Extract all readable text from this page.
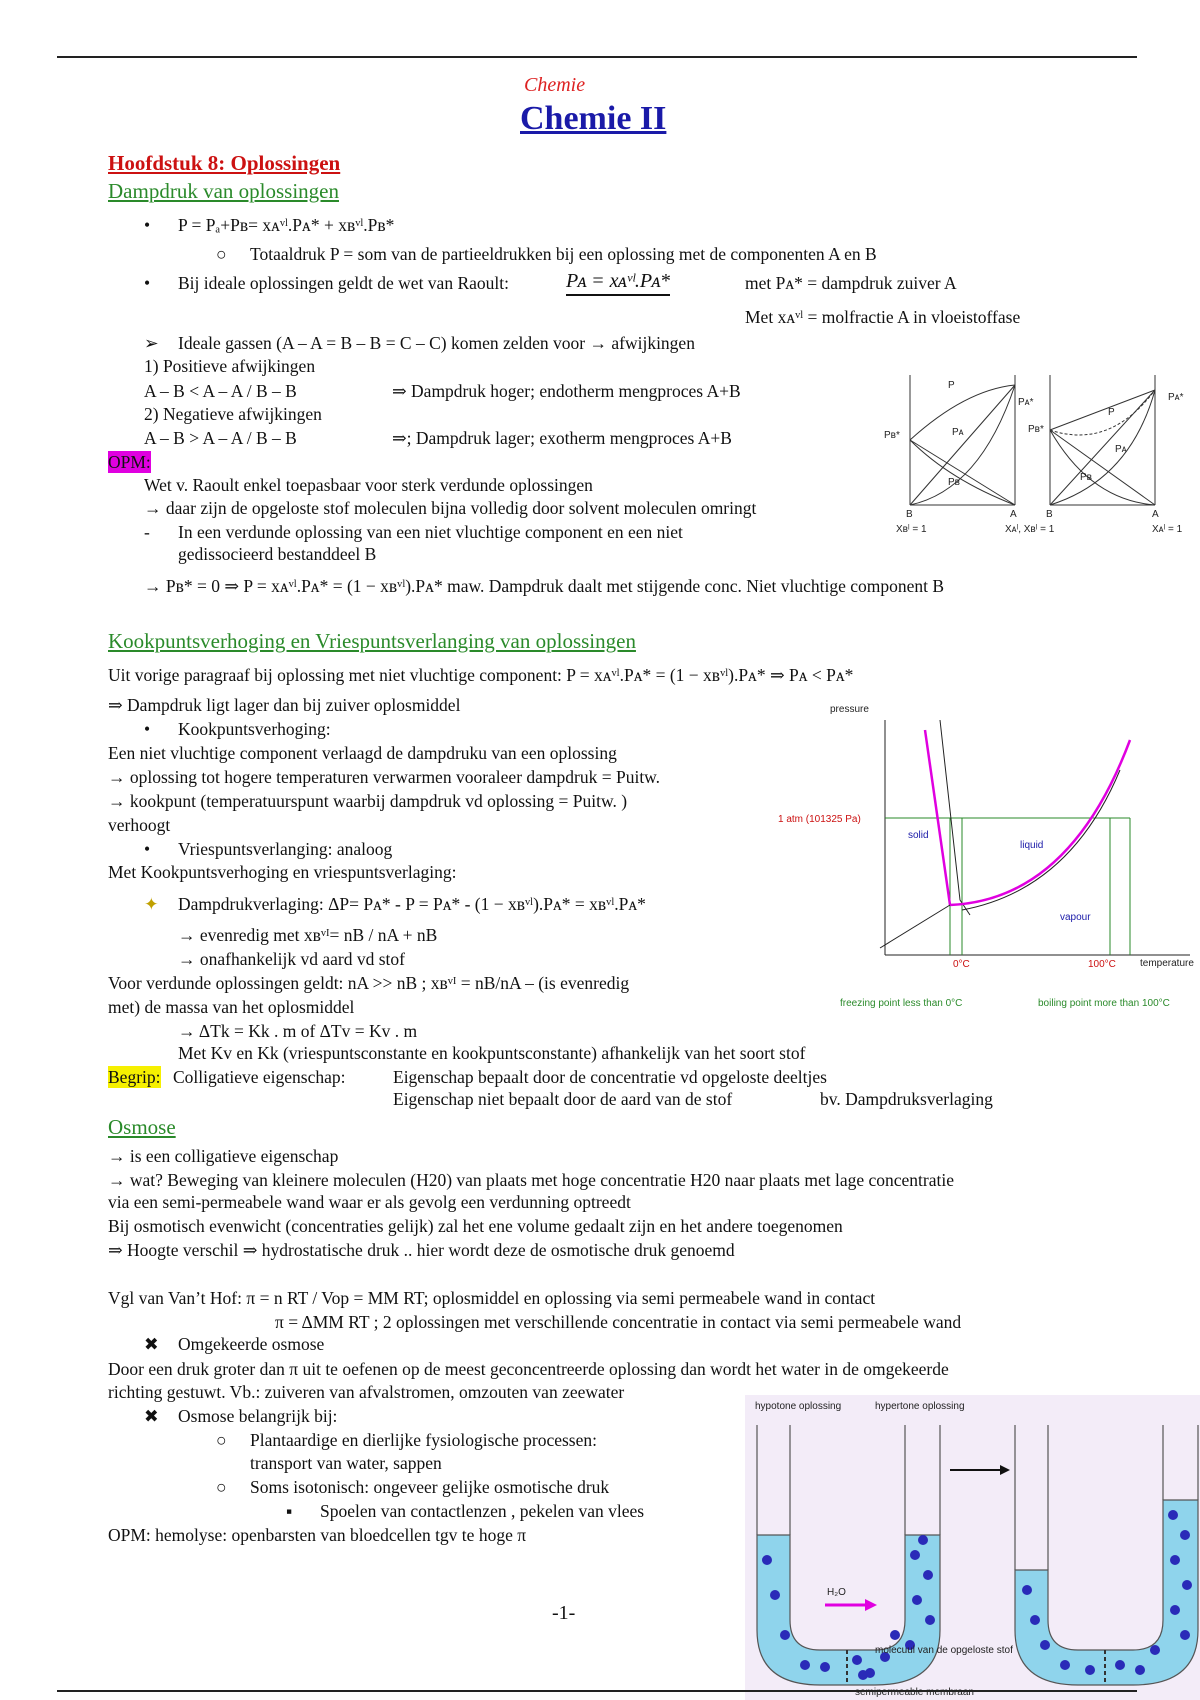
Chemie
Chemie II
Hoofdstuk 8: Oplossingen
Dampdruk van oplossingen
• P = Pₐ+Pʙ= xᴀᵛˡ.Pᴀ* + xʙᵛˡ.Pʙ*
○ Totaaldruk P = som van de partieeldrukken bij een oplossing met de componenten A en B
• Bij ideale oplossingen geldt de wet van Raoult:	Pᴀ = xᴀᵛˡ.Pᴀ*	met Pᴀ* = dampdruk zuiver A
Met xᴀᵛˡ = molfractie A in vloeistoffase
➢ Ideale gassen (A – A = B – B = C – C) komen zelden voor → afwijkingen
1) Positieve afwijkingen
A – B < A – A / B – B	⇒ Dampdruk hoger; endotherm mengproces A+B
2) Negatieve afwijkingen
A – B > A – A / B – B	⇒; Dampdruk lager; exotherm mengproces A+B
OPM:
Wet v. Raoult enkel toepasbaar voor sterk verdunde oplossingen
→ daar zijn de opgeloste stof moleculen bijna volledig door solvent moleculen omringt
- In een verdunde oplossing van een niet vluchtige component en een niet
gedissocieerd bestanddeel B
→ Pʙ* = 0 ⇒ P = xᴀᵛˡ.Pᴀ* = (1 − xʙᵛˡ).Pᴀ* maw. Dampdruk daalt met stijgende conc. Niet vluchtige component B
P
Pᴀ
Pʙ
Pʙ*
Pᴀ*
B	A
Xʙˡ = 1	Xᴀˡ, Xʙˡ = 1
P
Pᴀ
Pʙ
Pʙ*
Pᴀ*
B	A
Xᴀˡ = 1
Kookpuntsverhoging en Vriespuntsverlanging van oplossingen
Uit vorige paragraaf bij oplossing met niet vluchtige component: P = xᴀᵛˡ.Pᴀ* = (1 − xʙᵛˡ).Pᴀ* ⇒ Pᴀ < Pᴀ*
⇒ Dampdruk ligt lager dan bij zuiver oplosmiddel
• Kookpuntsverhoging:
Een niet vluchtige component verlaagd de dampdruku van een oplossing
→ oplossing tot hogere temperaturen verwarmen vooraleer dampdruk = Puitw.
→ kookpunt (temperatuurspunt waarbij dampdruk vd oplossing = Puitw. )
verhoogt
• Vriespuntsverlanging: analoog
Met Kookpuntsverhoging en vriespuntsverlaging:
✦ Dampdrukverlaging: ΔP= Pᴀ* - P = Pᴀ* - (1 − xʙᵛˡ).Pᴀ* = xʙᵛˡ.Pᴀ*
→ evenredig met xʙᵛᴵ= nB / nA + nB
→ onafhankelijk vd aard vd stof
Voor verdunde oplossingen geldt: nA >> nB ; xʙᵛᴵ = nB/nA – (is evenredig
met) de massa van het oplosmiddel
→ ΔTk = Kk . m of ΔTv = Kv . m
Met Kv en Kk (vriespuntsconstante en kookpuntsconstante) afhankelijk van het soort stof
Begrip: Colligatieve eigenschap:	Eigenschap bepaalt door de concentratie vd opgeloste deeltjes
Eigenschap niet bepaalt door de aard van de stof	bv. Dampdruksverlaging
pressure
temperature
1 atm (101325 Pa)
solid
liquid
vapour
0°C	100°C
freezing point less than 0°C	boiling point more than 100°C
Osmose
→ is een colligatieve eigenschap
→ wat? Beweging van kleinere moleculen (H20) van plaats met hoge concentratie H20 naar plaats met lage concentratie
via een semi-permeabele wand waar er als gevolg een verdunning optreedt
Bij osmotisch evenwicht (concentraties gelijk) zal het ene volume gedaalt zijn en het andere toegenomen
⇒ Hoogte verschil ⇒ hydrostatische druk .. hier wordt deze de osmotische druk genoemd
Vgl van Van’t Hof: π = n RT / Vop = MM RT; oplosmiddel en oplossing via semi permeabele wand in contact
π = ΔMM RT ; 2 oplossingen met verschillende concentratie in contact via semi permeabele wand
✖ Omgekeerde osmose
Door een druk groter dan π uit te oefenen op de meest geconcentreerde oplossing dan wordt het water in de omgekeerde
richting gestuwt. Vb.: zuiveren van afvalstromen, omzouten van zeewater
✖ Osmose belangrijk bij:
○ Plantaardige en dierlijke fysiologische processen:
transport van water, sappen
○ Soms isotonisch: ongeveer gelijke osmotische druk
▪ Spoelen van contactlenzen , pekelen van vlees
OPM: hemolyse: openbarsten van bloedcellen tgv te hoge π
hypotone oplossing	hypertone oplossing
H₂O
molecuul van de opgeloste stof
semipermeable membraan
-1-
